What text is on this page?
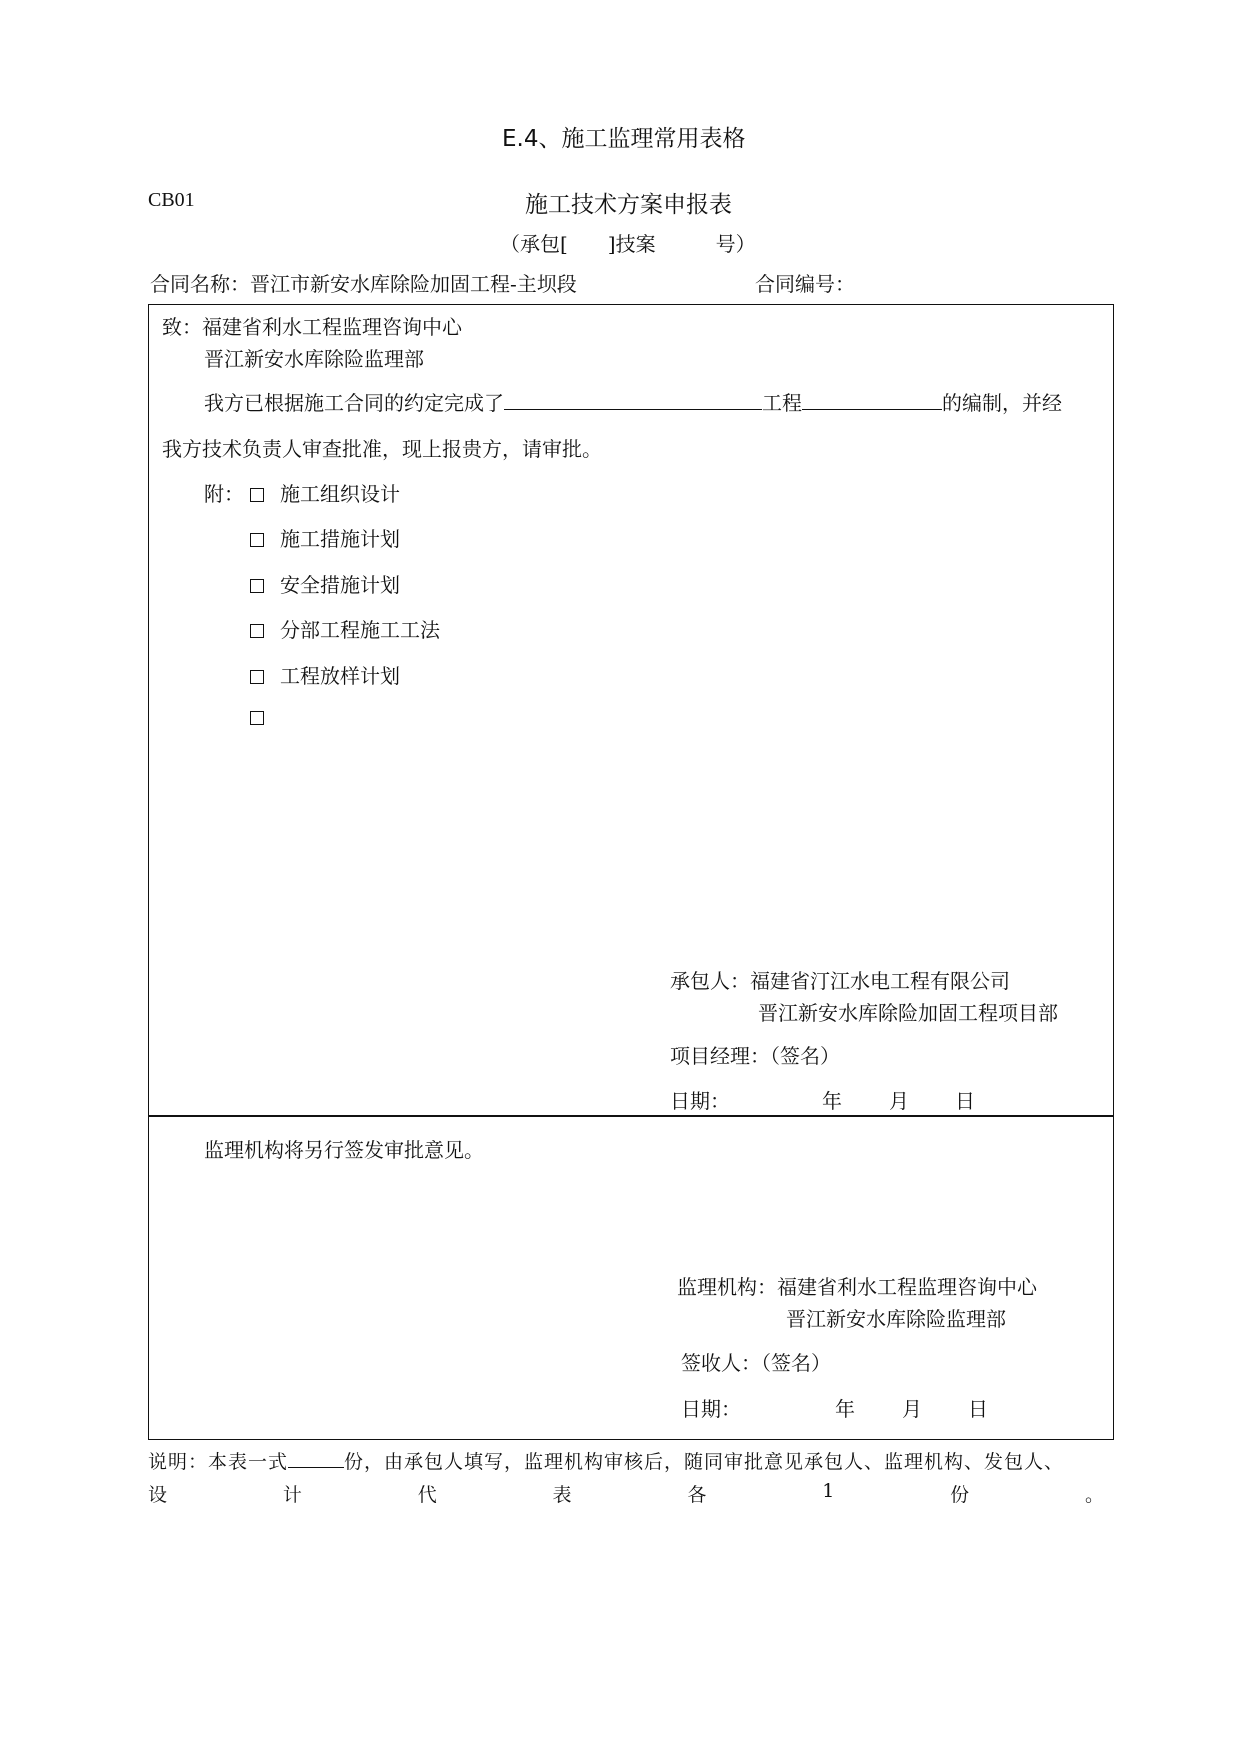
E.4、施工监理常用表格
CB01	施工技术方案申报表
（承包[　　]技案　　　号）
合同名称：晋江市新安水库除险加固工程-主坝段	合同编号：
致：福建省利水工程监理咨询中心
晋江新安水库除险监理部
我方已根据施工合同的约定完成了	工程	的编制，并经
我方技术负责人审查批准，现上报贵方，请审批。
附：	施工组织设计
施工措施计划
安全措施计划
分部工程施工工法
工程放样计划
承包人：福建省汀江水电工程有限公司
晋江新安水库除险加固工程项目部
项目经理：（签名）
日期：	年 月 日
监理机构将另行签发审批意见。
监理机构：福建省利水工程监理咨询中心
晋江新安水库除险监理部
签收人：（签名）
日期：	年 月 日
说明：本表一式	份，由承包人填写，监理机构审核后，随同审批意见承包人、监理机构、发包人、
设	计	代	表	各	1	份	。
